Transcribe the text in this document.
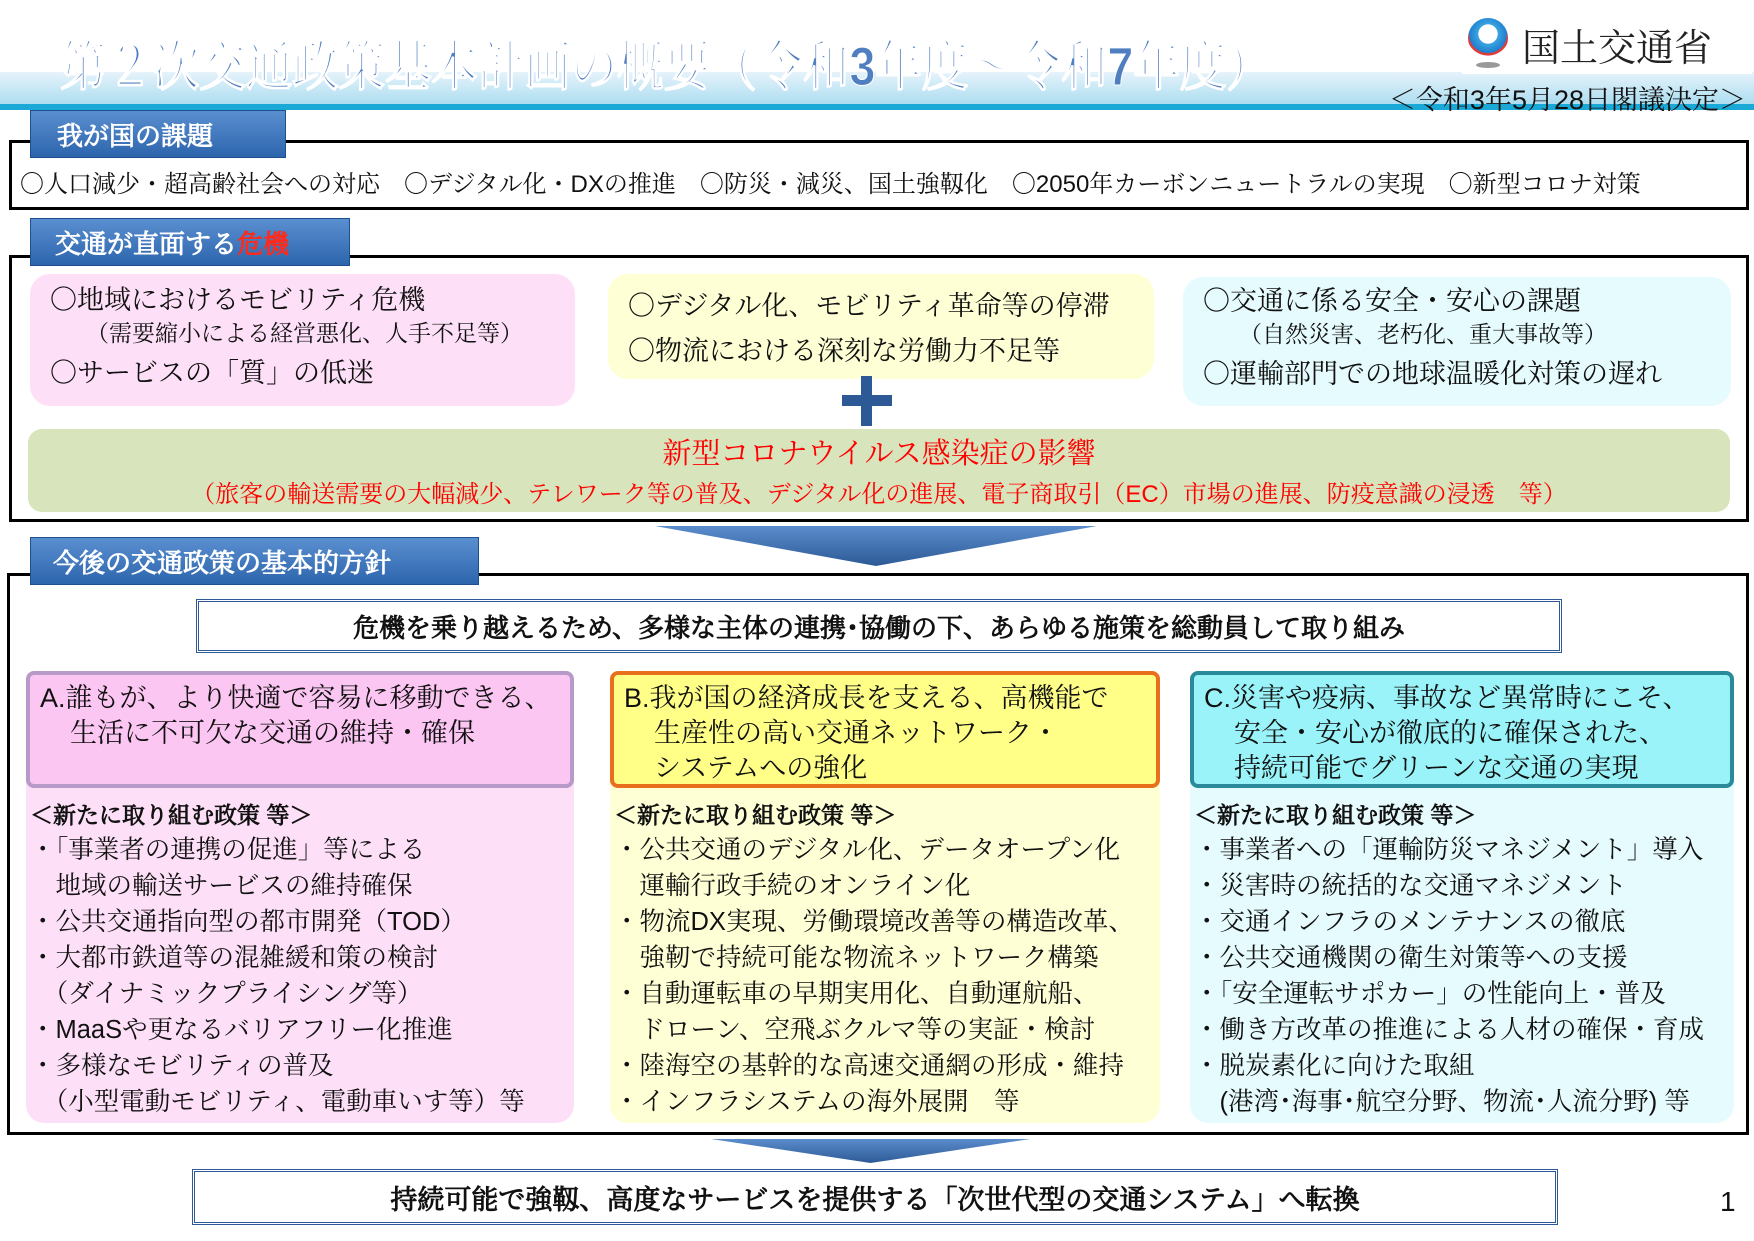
第２次交通政策基本計画の概要（令和3年度～令和7年度）	国土交通省
＜令和3年5月28日閣議決定＞
我が国の課題
〇人口減少・超高齢社会への対応　〇デジタル化・DXの推進　〇防災・減災、国土強靱化　〇2050年カーボンニュートラルの実現　〇新型コロナ対策
交通が直面する 危機
〇地域におけるモビリティ危機
（需要縮小による経営悪化、人手不足等）
〇サービスの「質」の低迷
〇デジタル化、モビリティ革命等の停滞
〇物流における深刻な労働力不足等
〇交通に係る安全・安心の課題
（自然災害、老朽化、重大事故等）
〇運輸部門での地球温暖化対策の遅れ
新型コロナウイルス感染症の影響
（旅客の輸送需要の大幅減少、テレワーク等の普及、デジタル化の進展、電子商取引（EC）市場の進展、防疫意識の浸透　等）
今後の交通政策の基本的方針
危機を乗り越えるため、多様な主体の連携･協働の下、あらゆる施策を総動員して取り組み
A.誰もが、より快適で容易に移動できる、
生活に不可欠な交通の維持・確保
＜新たに取り組む政策 等＞
・「事業者の連携の促進」等による
　地域の輸送サービスの維持確保
・公共交通指向型の都市開発（TOD）
・大都市鉄道等の混雑緩和策の検討
　（ダイナミックプライシング等）
・MaaSや更なるバリアフリー化推進
・多様なモビリティの普及
　（小型電動モビリティ、電動車いす等）等
B.我が国の経済成長を支える、高機能で
生産性の高い交通ネットワーク・
システムへの強化
＜新たに取り組む政策 等＞
・公共交通のデジタル化、データオープン化
　運輸行政手続のオンライン化
・物流DX実現、労働環境改善等の構造改革、
　強靭で持続可能な物流ネットワーク構築
・自動運転車の早期実用化、自動運航船、
　ドローン、空飛ぶクルマ等の実証・検討
・陸海空の基幹的な高速交通網の形成・維持
・インフラシステムの海外展開　等
C.災害や疫病、事故など異常時にこそ、
安全・安心が徹底的に確保された、
持続可能でグリーンな交通の実現
＜新たに取り組む政策 等＞
・事業者への「運輸防災マネジメント」導入
・災害時の統括的な交通マネジメント
・交通インフラのメンテナンスの徹底
・公共交通機関の衛生対策等への支援
・「安全運転サポカー」の性能向上・普及
・働き方改革の推進による人材の確保・育成
・脱炭素化に向けた取組
　(港湾･海事･航空分野、物流･人流分野) 等
持続可能で強靱、高度なサービスを提供する「次世代型の交通システム」へ転換	1
